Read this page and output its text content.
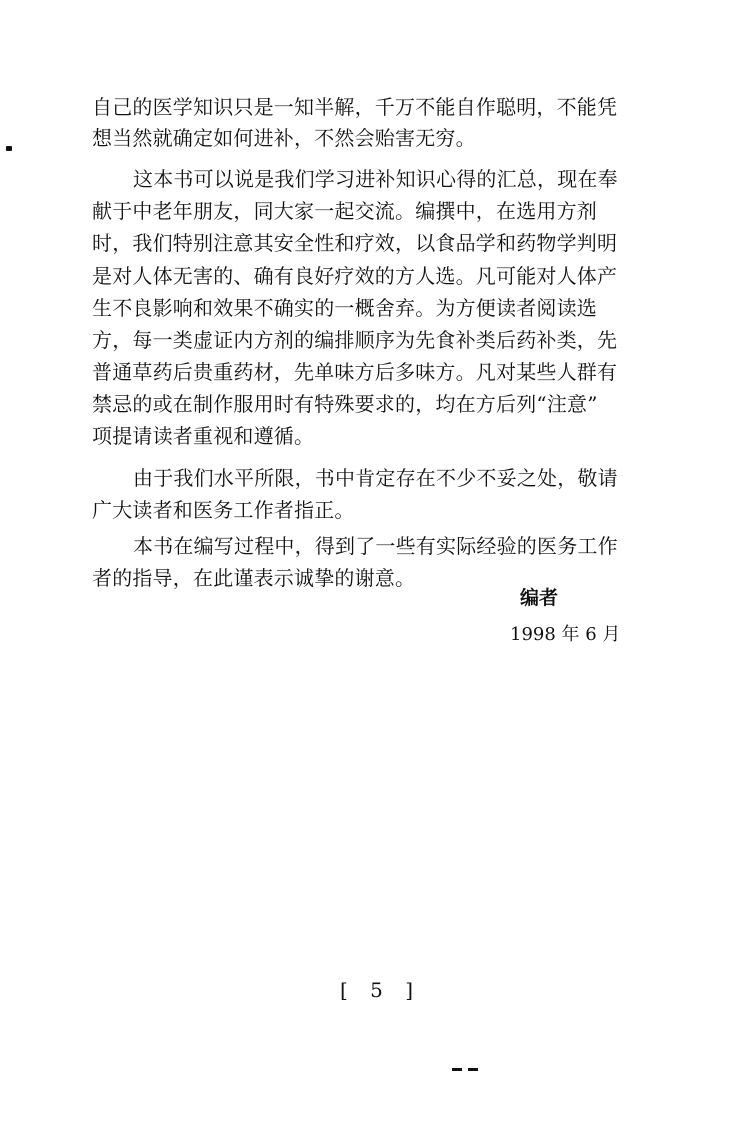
自己的医学知识只是一知半解，千万不能自作聪明，不能凭
想当然就确定如何进补，不然会贻害无穷。
这本书可以说是我们学习进补知识心得的汇总，现在奉
献于中老年朋友，同大家一起交流。编撰中，在选用方剂
时，我们特别注意其安全性和疗效，以食品学和药物学判明
是对人体无害的、确有良好疗效的方人选。凡可能对人体产
生不良影响和效果不确实的一概舍弃。为方便读者阅读选
方，每一类虚证内方剂的编排顺序为先食补类后药补类，先
普通草药后贵重药材，先单味方后多味方。凡对某些人群有
禁忌的或在制作服用时有特殊要求的，均在方后列“注意”
项提请读者重视和遵循。
由于我们水平所限，书中肯定存在不少不妥之处，敬请
广大读者和医务工作者指正。
本书在编写过程中，得到了一些有实际经验的医务工作
者的指导，在此谨表示诚挚的谢意。
编者
1998 年 6 月
[ 5 ]
